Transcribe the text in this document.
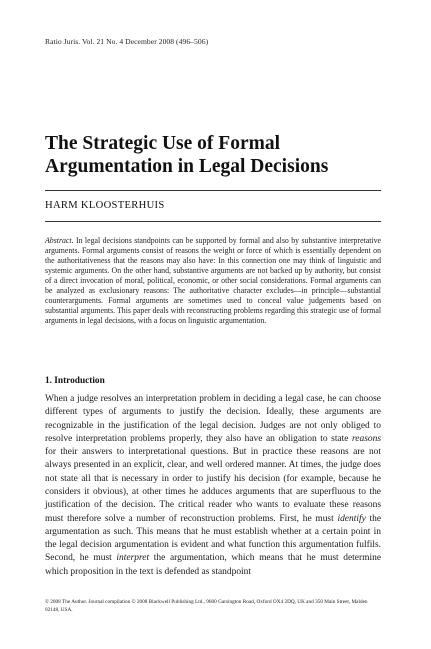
Ratio Juris. Vol. 21 No. 4 December 2008 (496–506)
The Strategic Use of Formal
Argumentation in Legal Decisions
HARM KLOOSTERHUIS
Abstract. In legal decisions standpoints can be supported by formal and also by substantive interpretative arguments. Formal arguments consist of reasons the weight or force of which is essentially dependent on the authoritativeness that the reasons may also have: In this connection one may think of linguistic and systemic arguments. On the other hand, substantive arguments are not backed up by authority, but consist of a direct invocation of moral, political, economic, or other social considerations. Formal arguments can be analyzed as exclusionary reasons: The authoritative character excludes—in principle—substantial counterarguments. Formal arguments are sometimes used to conceal value judgements based on substantial arguments. This paper deals with reconstructing problems regarding this strategic use of formal arguments in legal decisions, with a focus on linguistic argumentation.
1. Introduction
When a judge resolves an interpretation problem in deciding a legal case, he can choose different types of arguments to justify the decision. Ideally, these arguments are recognizable in the justification of the legal decision. Judges are not only obliged to resolve interpretation problems properly, they also have an obligation to state reasons for their answers to interpretational questions. But in practice these reasons are not always presented in an explicit, clear, and well ordered manner. At times, the judge does not state all that is necessary in order to justify his decision (for example, because he considers it obvious), at other times he adduces arguments that are superfluous to the justification of the decision. The critical reader who wants to evaluate these reasons must therefore solve a number of reconstruction problems. First, he must identify the argumentation as such. This means that he must establish whether at a certain point in the legal decision argumentation is evident and what function this argumentation fulfils. Second, he must interpret the argumentation, which means that he must determine which proposition in the text is defended as standpoint
© 2008 The Author. Journal compilation © 2008 Blackwell Publishing Ltd., 9600 Garsington Road, Oxford OX4 2DQ, UK and 350 Main Street, Malden 02148, USA.
